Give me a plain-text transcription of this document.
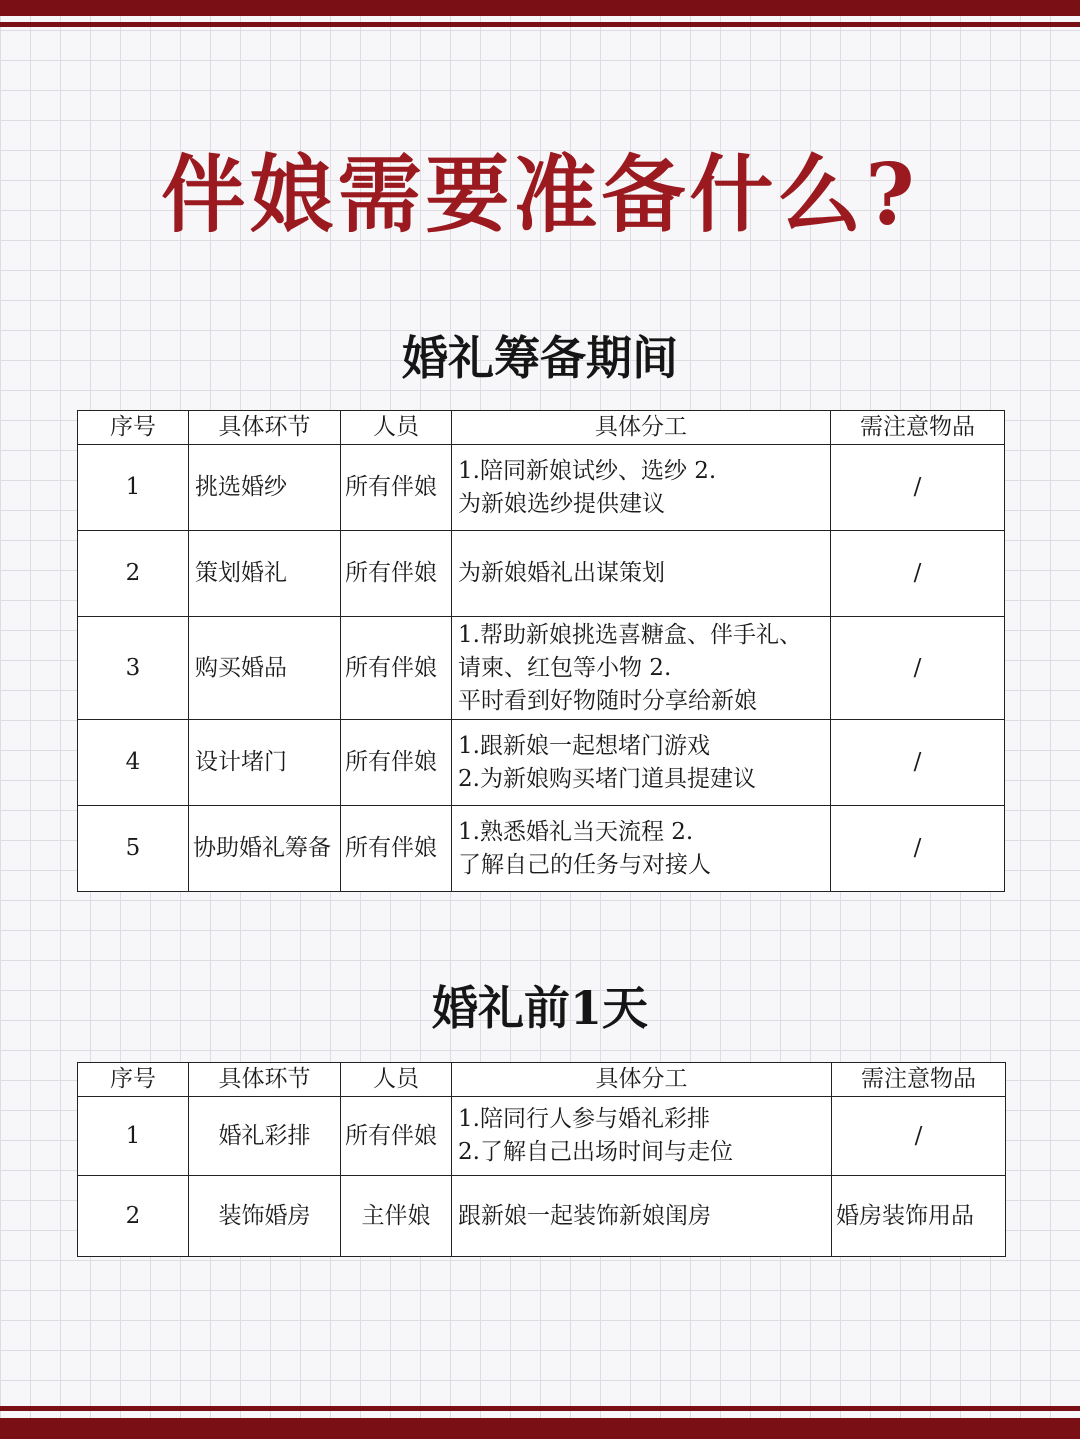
伴娘需要准备什么?
婚礼筹备期间
序号	具体环节	人员	具体分工	需注意物品
1	挑选婚纱	所有伴娘	1.陪同新娘试纱、选纱 2.
为新娘选纱提供建议	/
2	策划婚礼	所有伴娘	为新娘婚礼出谋策划	/
3	购买婚品	所有伴娘	1.帮助新娘挑选喜糖盒、伴手礼、
请柬、红包等小物 2.
平时看到好物随时分享给新娘	/
4	设计堵门	所有伴娘	1.跟新娘一起想堵门游戏
2.为新娘购买堵门道具提建议	/
5	协助婚礼筹备	所有伴娘	1.熟悉婚礼当天流程 2.
了解自己的任务与对接人	/
婚礼前1天
序号	具体环节	人员	具体分工	需注意物品
1	婚礼彩排	所有伴娘	1.陪同行人参与婚礼彩排
2.了解自己出场时间与走位	/
2	装饰婚房	主伴娘	跟新娘一起装饰新娘闺房	婚房装饰用品
